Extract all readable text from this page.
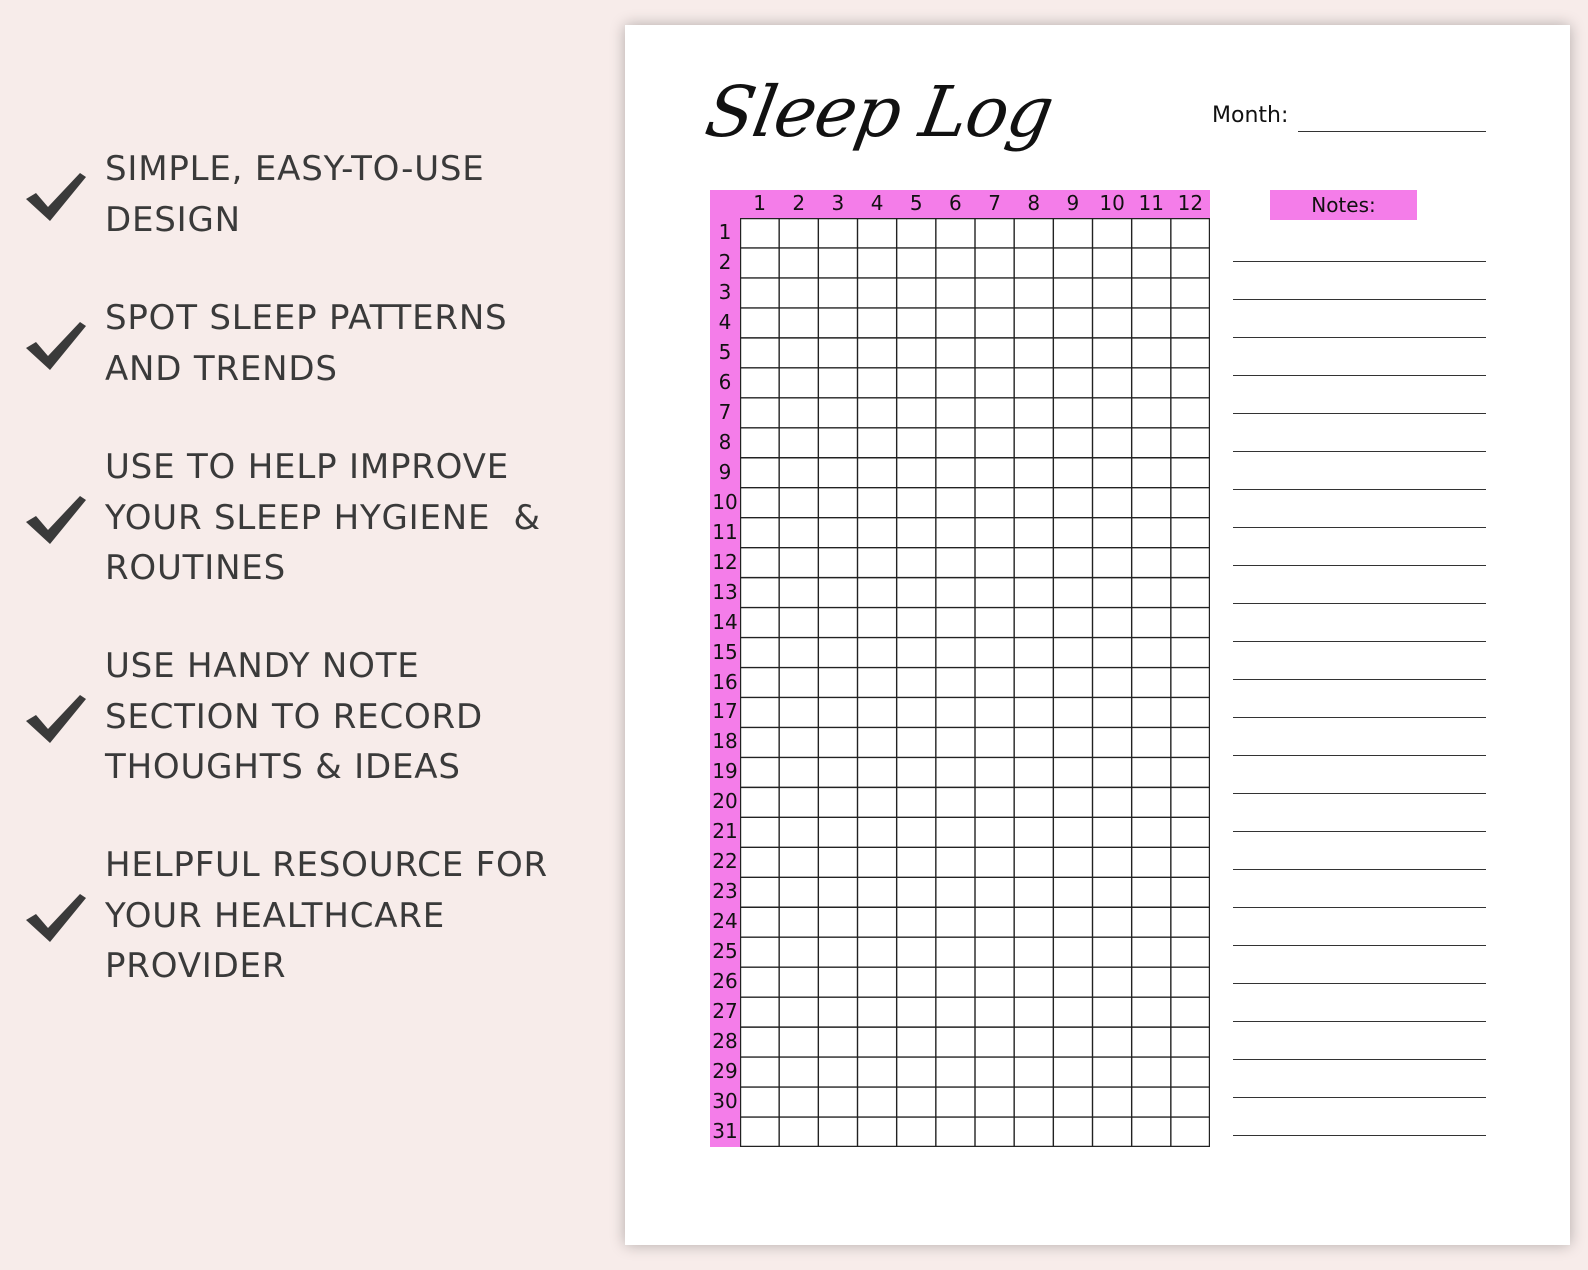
SIMPLE, EASY-TO-USE
DESIGN
SPOT SLEEP PATTERNS
AND TRENDS
USE TO HELP IMPROVE
YOUR SLEEP HYGIENE  &
ROUTINES
USE HANDY NOTE
SECTION TO RECORD
THOUGHTS & IDEAS
HELPFUL RESOURCE FOR
YOUR HEALTHCARE
PROVIDER
Sleep Log	Month:
1	2	3	4	5	6	7	8	9	10 11 12
1
2
3
4
5
6
7
8
9
10
11
12
13
14
15
16
17
18
19
20
21
22
23
24
25
26
27
28
29
30
31
Notes:
